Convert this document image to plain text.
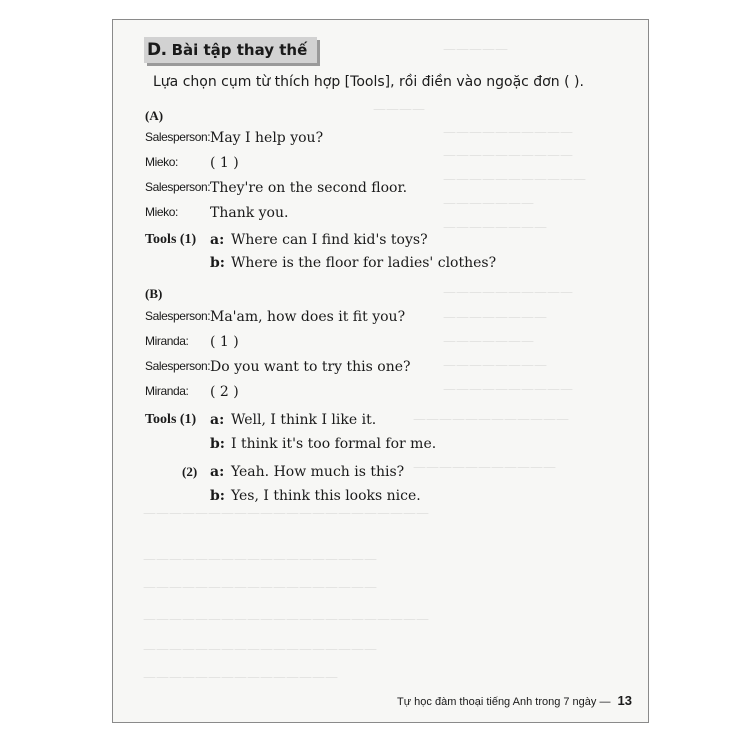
—————
————
——————————
——————————
———————————
———————
————————
——————————
————————
———————
————————
——————————
————————————
———————————
——————————————————————
——————————————————
——————————————————
——————————————————————
——————————————————
———————————————
D. Bài tập thay thế
Lựa chọn cụm từ thích hợp [Tools], rồi điền vào ngoặc đơn ( ).
(A)
Salesperson: May I help you?
Mieko: ( 1 )
Salesperson: They're on the second floor.
Mieko: Thank you.
Tools (1) a: Where can I find kid's toys?
b: Where is the floor for ladies' clothes?
(B)
Salesperson: Ma'am, how does it fit you?
Miranda: ( 1 )
Salesperson: Do you want to try this one?
Miranda: ( 2 )
Tools (1) a: Well, I think I like it.
b: I think it's too formal for me.
(2) a: Yeah. How much is this?
b: Yes, I think this looks nice.
Tự học đàm thoại tiếng Anh trong 7 ngày — 13
